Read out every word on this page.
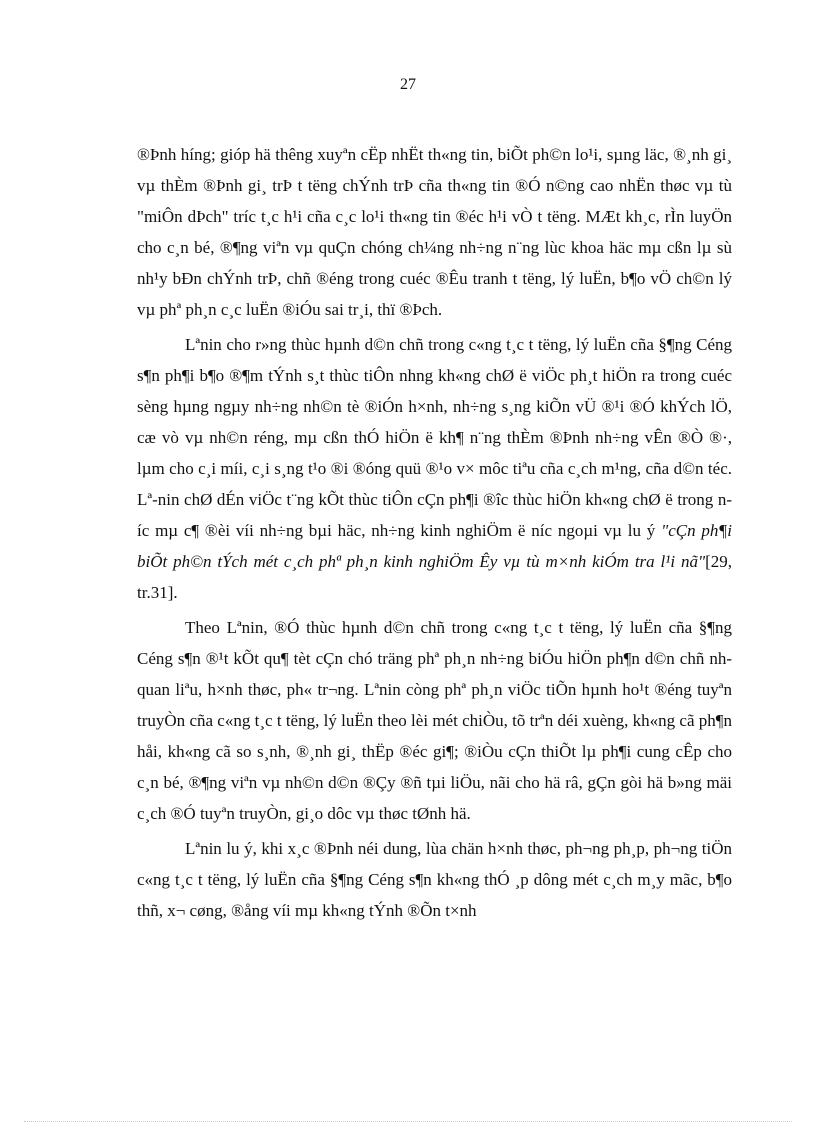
27

®Þnh híng; gióp hä thêng xuyªn cËp nhËt th«ng tin, biÕt ph©n lo¹i, sµng läc, ®¸nh gi¸ vµ thÈm ®Þnh gi¸ trÞ t tëng chÝnh trÞ cña th«ng tin ®Ó n©ng cao nhËn thøc vµ tù "miÔn dÞch" tríc t¸c h¹i cña c¸c lo¹i th«ng tin ®éc h¹i vÒ t tëng. MÆt kh¸c, rÌn luyÖn cho c¸n bé, ®¶ng viªn vµ quÇn chóng ch¼ng nh÷ng n¨ng lùc khoa häc mµ cßn lµ sù nh¹y bÐn chÝnh trÞ, chñ ®éng trong cuéc ®Êu tranh t tëng, lý luËn, b¶o vÖ ch©n lý vµ phª ph¸n c¸c luËn ®iÓu sai tr¸i, thï ®Þch.

Lªnin cho r»ng thùc hµnh d©n chñ trong c«ng t¸c t tëng, lý luËn cña §¶ng Céng s¶n ph¶i b¶o ®¶m tÝnh s¸t thùc tiÔn nhng kh«ng chØ ë viÖc ph¸t hiÖn ra trong cuéc sèng hµng ngµy nh÷ng nh©n tè ®iÓn h×nh, nh÷ng s¸ng kiÕn vÜ ®¹i ®Ó khÝch lÖ, cæ vò vµ nh©n réng, mµ cßn thÓ hiÖn ë kh¶ n¨ng thÈm ®Þnh nh÷ng vÊn ®Ò ®·, lµm cho c¸i míi, c¸i s¸ng t¹o ®i ®óng quü ®¹o v× môc tiªu cña c¸ch m¹ng, cña d©n téc. Lª-nin chØ dÉn viÖc t¨ng kÕt thùc tiÔn cÇn ph¶i ®îc thùc hiÖn kh«ng chØ ë trong níc mµ c¶ ®èi víi nh÷ng bµi häc, nh÷ng kinh nghiÖm ë níc ngoµi vµ lu ý "cÇn ph¶i biÕt ph©n tÝch mét c¸ch phª ph¸n kinh nghiÖm Êy vµ tù m×nh kiÓm tra l¹i nã"[29, tr.31].

Theo Lªnin, ®Ó thùc hµnh d©n chñ trong c«ng t¸c t tëng, lý luËn cña §¶ng Céng s¶n ®¹t kÕt qu¶ tèt cÇn chó träng phª ph¸n nh÷ng biÓu hiÖn ph¶n d©n chñ nh quan liªu, h×nh thøc, ph« tr¬ng. Lªnin còng phª ph¸n viÖc tiÕn hµnh ho¹t ®éng tuyªn truyÒn cña c«ng t¸c t tëng, lý luËn theo lèi mét chiÒu, tõ trªn déi xuèng, kh«ng cã ph¶n håi, kh«ng cã so s¸nh, ®¸nh gi¸ thËp ®éc gi¶; ®iÒu cÇn thiÕt lµ ph¶i cung cÊp cho c¸n bé, ®¶ng viªn vµ nh©n d©n ®Çy ®ñ tµi liÖu, nãi cho hä râ, gÇn gòi hä b»ng mäi c¸ch ®Ó tuyªn truyÒn, gi¸o dôc vµ thøc tØnh hä.

Lªnin lu ý, khi x¸c ®Þnh néi dung, lùa chän h×nh thøc, ph¬ng ph¸p, ph¬ng tiÖn c«ng t¸c t tëng, lý luËn cña §¶ng Céng s¶n kh«ng thÓ ¸p dông mét c¸ch m¸y mãc, b¶o thñ, x¬ cøng, ®ång víi mµ kh«ng tÝnh ®Õn t×nh
